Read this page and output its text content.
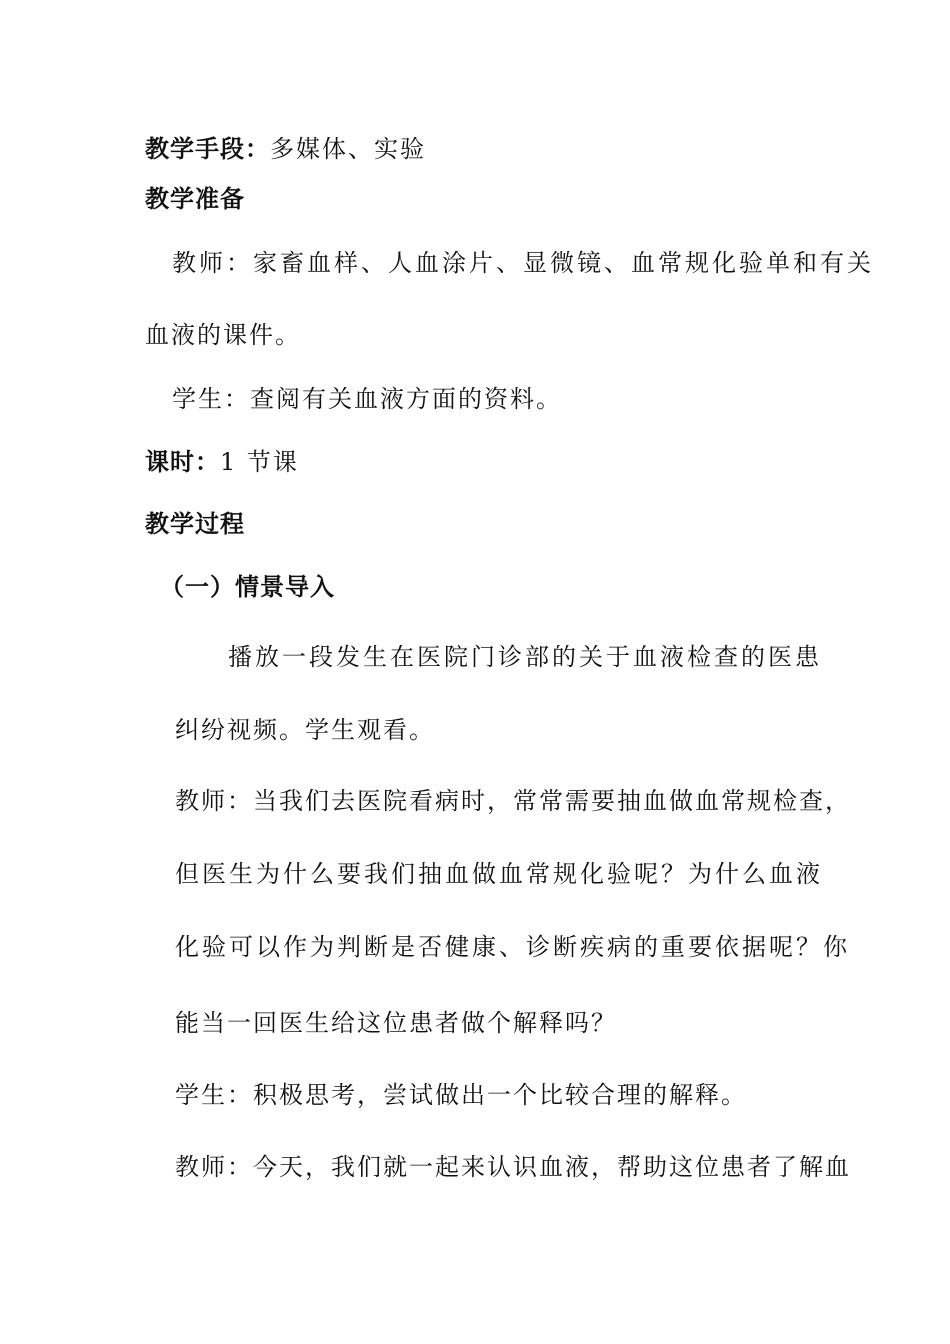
教学手段：多媒体、实验
教学准备
教师：家畜血样、人血涂片、显微镜、血常规化验单和有关
血液的课件。
学生：查阅有关血液方面的资料。
课时：1 节课
教学过程
（一）情景导入
播放一段发生在医院门诊部的关于血液检查的医患
纠纷视频。学生观看。
教师：当我们去医院看病时，常常需要抽血做血常规检查，
但医生为什么要我们抽血做血常规化验呢？为什么血液
化验可以作为判断是否健康、诊断疾病的重要依据呢？你
能当一回医生给这位患者做个解释吗？
学生：积极思考，尝试做出一个比较合理的解释。
教师：今天，我们就一起来认识血液，帮助这位患者了解血
